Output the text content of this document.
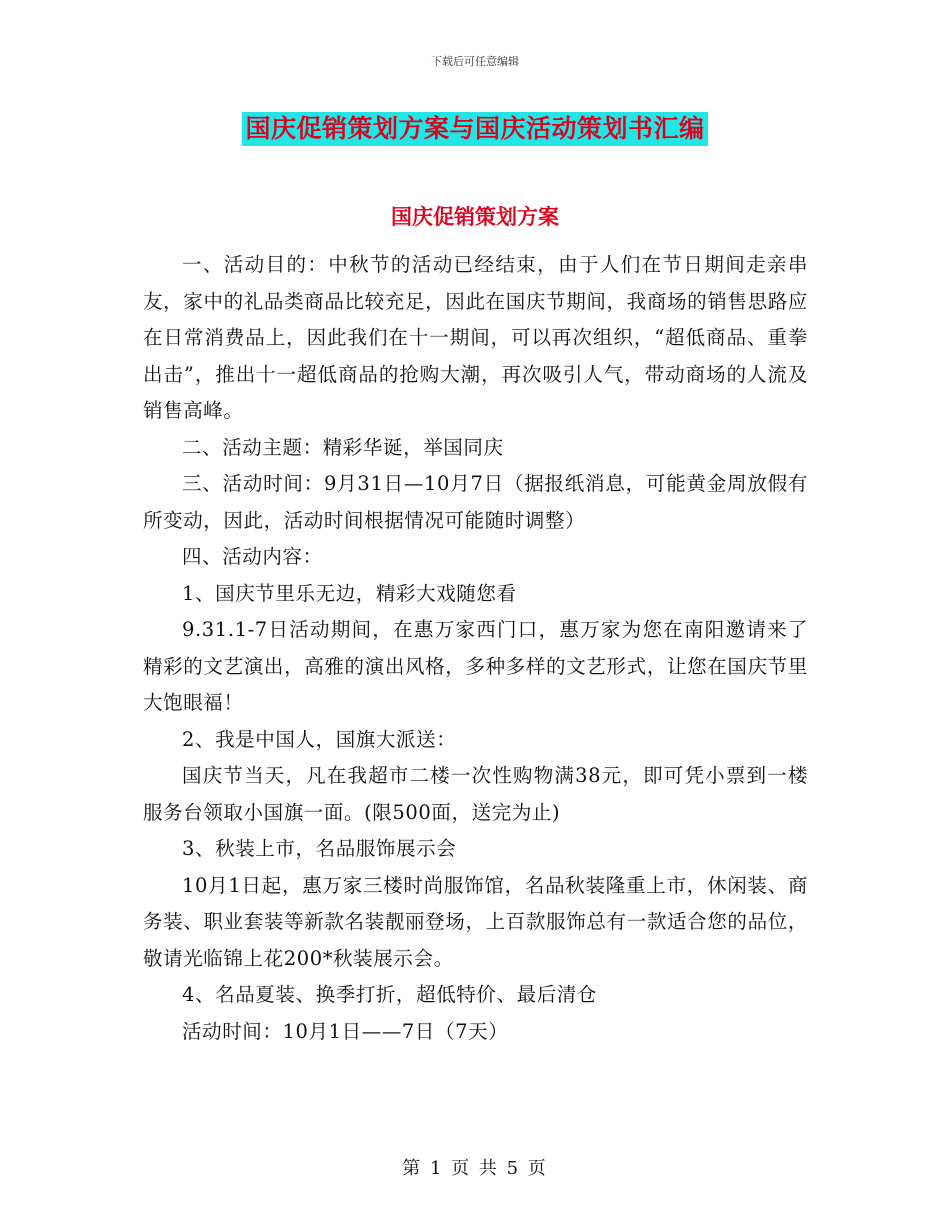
下载后可任意编辑
国庆促销策划方案与国庆活动策划书汇编
国庆促销策划方案

一、活动目的：中秋节的活动已经结束，由于人们在节日期间走亲串友，家中的礼品类商品比较充足，因此在国庆节期间，我商场的销售思路应在日常消费品上，因此我们在十一期间，可以再次组织，“超低商品、重拳出击”，推出十一超低商品的抢购大潮，再次吸引人气，带动商场的人流及销售高峰。

二、活动主题：精彩华诞，举国同庆

三、活动时间：9月31日—10月7日（据报纸消息，可能黄金周放假有所变动，因此，活动时间根据情况可能随时调整）

四、活动内容：

1、国庆节里乐无边，精彩大戏随您看

9.31.1-7日活动期间，在惠万家西门口，惠万家为您在南阳邀请来了精彩的文艺演出，高雅的演出风格，多种多样的文艺形式，让您在国庆节里大饱眼福！

2、我是中国人，国旗大派送：

国庆节当天，凡在我超市二楼一次性购物满38元，即可凭小票到一楼服务台领取小国旗一面。(限500面，送完为止)

3、秋装上市，名品服饰展示会

10月1日起，惠万家三楼时尚服饰馆，名品秋装隆重上市，休闲装、商务装、职业套装等新款名装靓丽登场，上百款服饰总有一款适合您的品位，敬请光临锦上花200*秋装展示会。

4、名品夏装、换季打折，超低特价、最后清仓

活动时间：10月1日——7日（7天）

第 1 页 共 5 页
